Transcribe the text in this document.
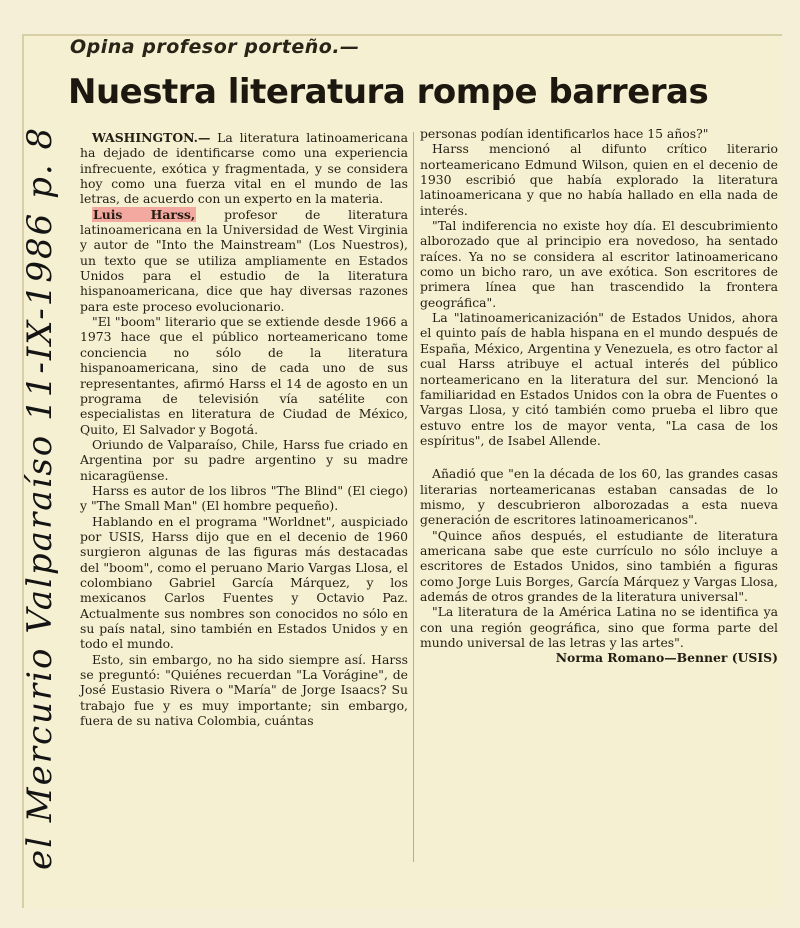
el Mercurio Valparaíso 11-IX-1986 p. 8
Opina profesor porteño.—
Nuestra literatura rompe barreras

WASHINGTON.— La literatura latinoamericana ha dejado de identificarse como una experiencia infrecuente, exótica y fragmentada, y se considera hoy como una fuerza vital en el mundo de las letras, de acuerdo con un experto en la materia.

Luis Harss, profesor de literatura latinoamericana en la Universidad de West Virginia y autor de "Into the Mainstream" (Los Nuestros), un texto que se utiliza ampliamente en Estados Unidos para el estudio de la literatura hispanoamericana, dice que hay diversas razones para este proceso evolucionario.

"El "boom" literario que se extiende desde 1966 a 1973 hace que el público norteamericano tome conciencia no sólo de la literatura hispanoamericana, sino de cada uno de sus representantes, afirmó Harss el 14 de agosto en un programa de televisión vía satélite con especialistas en literatura de Ciudad de México, Quito, El Salvador y Bogotá.

Oriundo de Valparaíso, Chile, Harss fue criado en Argentina por su padre argentino y su madre nicaragüense.

Harss es autor de los libros "The Blind" (El ciego) y "The Small Man" (El hombre pequeño).

Hablando en el programa "Worldnet", auspiciado por USIS, Harss dijo que en el decenio de 1960 surgieron algunas de las figuras más destacadas del "boom", como el peruano Mario Vargas Llosa, el colombiano Gabriel García Márquez, y los mexicanos Carlos Fuentes y Octavio Paz. Actualmente sus nombres son conocidos no sólo en su país natal, sino también en Estados Unidos y en todo el mundo.

Esto, sin embargo, no ha sido siempre así. Harss se preguntó: "Quiénes recuerdan "La Vorágine", de José Eustasio Rivera o "María" de Jorge Isaacs? Su trabajo fue y es muy importante; sin embargo, fuera de su nativa Colombia, cuántas

personas podían identificarlos hace 15 años?"

Harss mencionó al difunto crítico literario norteamericano Edmund Wilson, quien en el decenio de 1930 escribió que había explorado la literatura latinoamericana y que no había hallado en ella nada de interés.

"Tal indiferencia no existe hoy día. El descubrimiento alborozado que al principio era novedoso, ha sentado raíces. Ya no se considera al escritor latinoamericano como un bicho raro, un ave exótica. Son escritores de primera línea que han trascendido la frontera geográfica".

La "latinoamericanización" de Estados Unidos, ahora el quinto país de habla hispana en el mundo después de España, México, Argentina y Venezuela, es otro factor al cual Harss atribuye el actual interés del público norteamericano en la literatura del sur. Mencionó la familiaridad en Estados Unidos con la obra de Fuentes o Vargas Llosa, y citó también como prueba el libro que estuvo entre los de mayor venta, "La casa de los espíritus", de Isabel Allende.

Añadió que "en la década de los 60, las grandes casas literarias norteamericanas estaban cansadas de lo mismo, y descubrieron alborozadas a esta nueva generación de escritores latinoamericanos".

"Quince años después, el estudiante de literatura americana sabe que este currículo no sólo incluye a escritores de Estados Unidos, sino también a figuras como Jorge Luis Borges, García Márquez y Vargas Llosa, además de otros grandes de la literatura universal".

"La literatura de la América Latina no se identifica ya con una región geográfica, sino que forma parte del mundo universal de las letras y las artes".

Norma Romano—Benner (USIS)
